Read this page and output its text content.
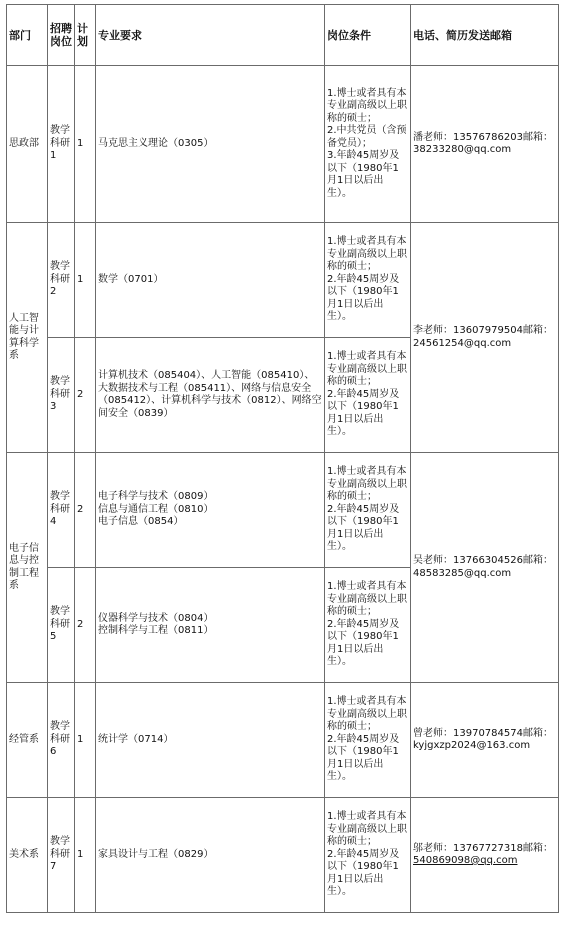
部门	招聘岗位	计划	专业要求	岗位条件	电话、简历发送邮箱
思政部	教学科研1	1	马克思主义理论（0305）	1.博士或者具有本专业副高级以上职称的硕士；
2.中共党员（含预备党员）；
3.年龄45周岁及以下（1980年1月1日以后出生）。	潘老师：13576786203邮箱：38233280@qq.com
人工智能与计算科学系	教学科研2	1	数学（0701）	1.博士或者具有本专业副高级以上职称的硕士；
2.年龄45周岁及以下（1980年1月1日以后出生）。	李老师：13607979504邮箱：24561254@qq.com
	教学科研3	2	计算机技术（085404）、人工智能（085410）、大数据技术与工程（085411）、网络与信息安全（085412）、计算机科学与技术（0812）、网络空间安全（0839）	1.博士或者具有本专业副高级以上职称的硕士；
2.年龄45周岁及以下（1980年1月1日以后出生）。	

电子信息与控制工程系	教学科研4	2	电子科学与技术（0809）
信息与通信工程（0810）
电子信息（0854）	1.博士或者具有本专业副高级以上职称的硕士；
2.年龄45周岁及以下（1980年1月1日以后出生）。	吴老师：13766304526邮箱：48583285@qq.com
	教学科研5	2	仪器科学与技术（0804）
控制科学与工程（0811）	1.博士或者具有本专业副高级以上职称的硕士；
2.年龄45周岁及以下（1980年1月1日以后出生）。	

经管系	教学科研6	1	统计学（0714）	1.博士或者具有本专业副高级以上职称的硕士；
2.年龄45周岁及以下（1980年1月1日以后出生）。	曾老师：13970784574邮箱：kyjgxzp2024@163.com
美术系	教学科研7	1	家具设计与工程（0829）	1.博士或者具有本专业副高级以上职称的硕士；
2.年龄45周岁及以下（1980年1月1日以后出生）。	邬老师：13767727318邮箱：540869098@qq.com
